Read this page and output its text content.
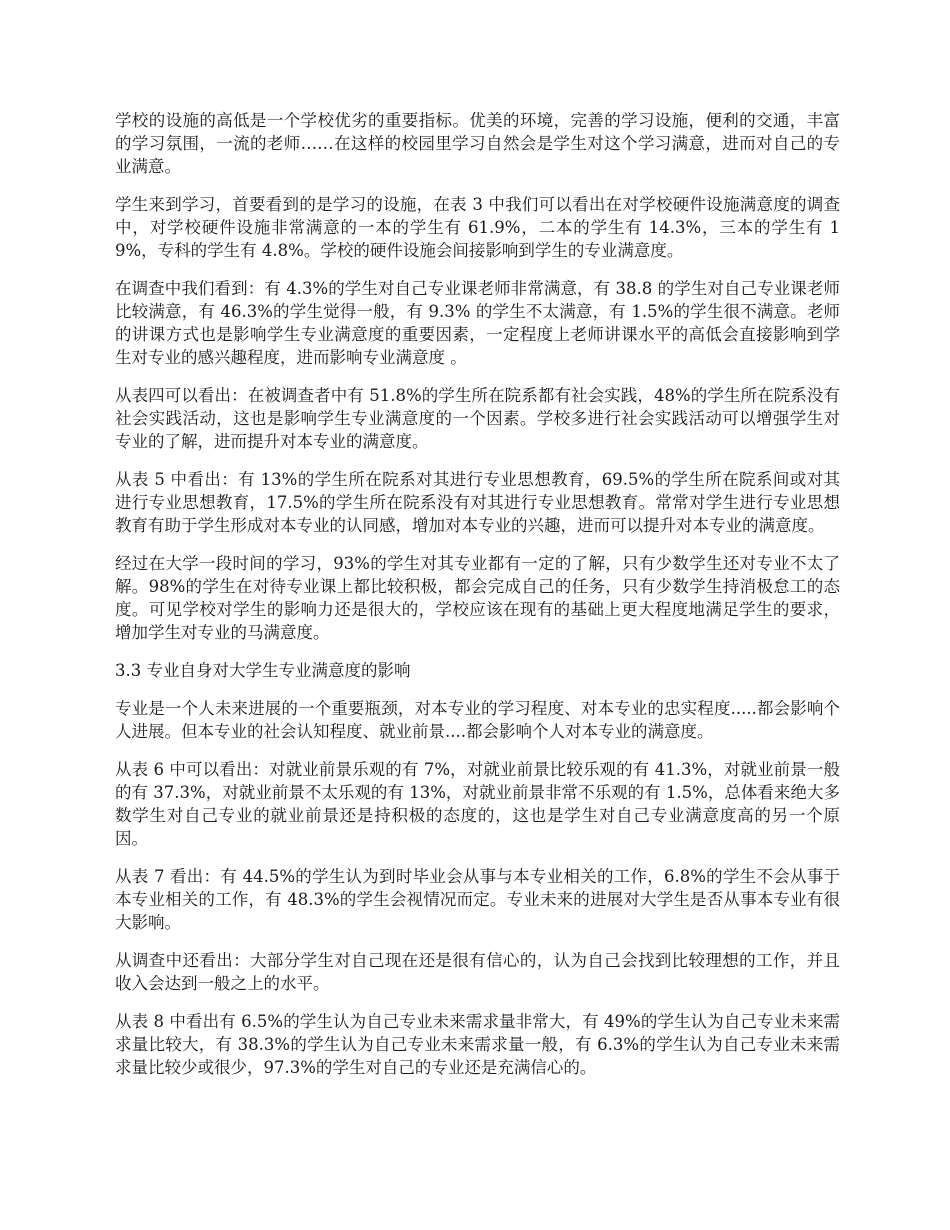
学校的设施的高低是一个学校优劣的重要指标。优美的环境，完善的学习设施，便利的交通，丰富的学习氛围，一流的老师……在这样的校园里学习自然会是学生对这个学习满意，进而对自己的专业满意。

学生来到学习，首要看到的是学习的设施，在表 3 中我们可以看出在对学校硬件设施满意度的调查中，对学校硬件设施非常满意的一本的学生有 61.9%，二本的学生有 14.3%，三本的学生有 19%，专科的学生有 4.8%。学校的硬件设施会间接影响到学生的专业满意度。

在调查中我们看到：有 4.3%的学生对自己专业课老师非常满意，有 38.8 的学生对自己专业课老师比较满意，有 46.3%的学生觉得一般，有 9.3% 的学生不太满意，有 1.5%的学生很不满意。老师的讲课方式也是影响学生专业满意度的重要因素，一定程度上老师讲课水平的高低会直接影响到学生对专业的感兴趣程度，进而影响专业满意度 。

从表四可以看出：在被调查者中有 51.8%的学生所在院系都有社会实践，48%的学生所在院系没有社会实践活动，这也是影响学生专业满意度的一个因素。学校多进行社会实践活动可以增强学生对专业的了解，进而提升对本专业的满意度。

从表 5 中看出：有 13%的学生所在院系对其进行专业思想教育，69.5%的学生所在院系间或对其进行专业思想教育，17.5%的学生所在院系没有对其进行专业思想教育。常常对学生进行专业思想教育有助于学生形成对本专业的认同感，增加对本专业的兴趣，进而可以提升对本专业的满意度。

经过在大学一段时间的学习，93%的学生对其专业都有一定的了解，只有少数学生还对专业不太了解。98%的学生在对待专业课上都比较积极，都会完成自己的任务，只有少数学生持消极怠工的态度。可见学校对学生的影响力还是很大的，学校应该在现有的基础上更大程度地满足学生的要求，增加学生对专业的马满意度。

3.3 专业自身对大学生专业满意度的影响

专业是一个人未来进展的一个重要瓶颈，对本专业的学习程度、对本专业的忠实程度.....都会影响个人进展。但本专业的社会认知程度、就业前景....都会影响个人对本专业的满意度。

从表 6 中可以看出：对就业前景乐观的有 7%，对就业前景比较乐观的有 41.3%，对就业前景一般的有 37.3%，对就业前景不太乐观的有 13%，对就业前景非常不乐观的有 1.5%，总体看来绝大多数学生对自己专业的就业前景还是持积极的态度的，这也是学生对自己专业满意度高的另一个原因。

从表 7 看出：有 44.5%的学生认为到时毕业会从事与本专业相关的工作，6.8%的学生不会从事于本专业相关的工作，有 48.3%的学生会视情况而定。专业未来的进展对大学生是否从事本专业有很大影响。

从调查中还看出：大部分学生对自己现在还是很有信心的，认为自己会找到比较理想的工作，并且收入会达到一般之上的水平。

从表 8 中看出有 6.5%的学生认为自己专业未来需求量非常大，有 49%的学生认为自己专业未来需求量比较大，有 38.3%的学生认为自己专业未来需求量一般，有 6.3%的学生认为自己专业未来需求量比较少或很少，97.3%的学生对自己的专业还是充满信心的。
